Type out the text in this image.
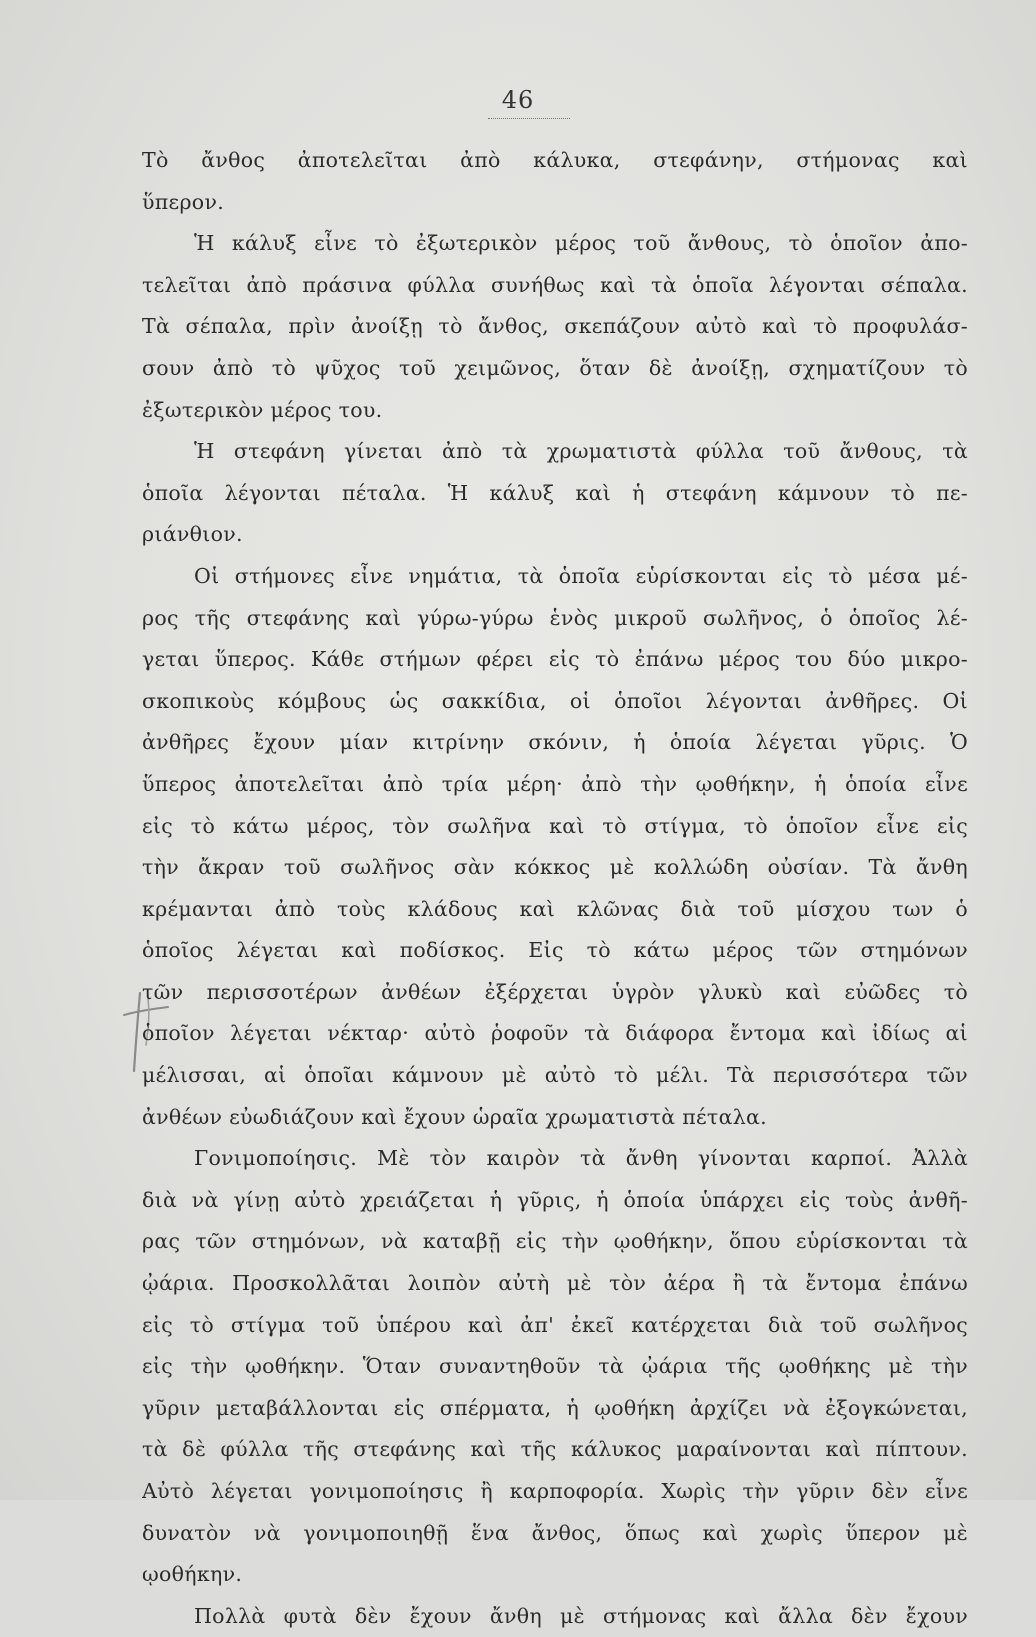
46
Τὸ ἄνθος ἀποτελεῖται ἀπὸ κάλυκα, στεφάνην, στήμονας καὶ
ὕπερον.
Ἡ κάλυξ εἶνε τὸ ἐξωτερικὸν μέρος τοῦ ἄνθους, τὸ ὁποῖον ἀπο-
τελεῖται ἀπὸ πράσινα φύλλα συνήθως καὶ τὰ ὁποῖα λέγονται σέπαλα.
Τὰ σέπαλα, πρὶν ἀνοίξῃ τὸ ἄνθος, σκεπάζουν αὐτὸ καὶ τὸ προφυλάσ-
σουν ἀπὸ τὸ ψῦχος τοῦ χειμῶνος, ὅταν δὲ ἀνοίξῃ, σχηματίζουν τὸ
ἐξωτερικὸν μέρος του.
Ἡ στεφάνη γίνεται ἀπὸ τὰ χρωματιστὰ φύλλα τοῦ ἄνθους, τὰ
ὁποῖα λέγονται πέταλα. Ἡ κάλυξ καὶ ἡ στεφάνη κάμνουν τὸ πε-
ριάνθιον.
Οἱ στήμονες εἶνε νημάτια, τὰ ὁποῖα εὑρίσκονται εἰς τὸ μέσα μέ-
ρος τῆς στεφάνης καὶ γύρω-γύρω ἑνὸς μικροῦ σωλῆνος, ὁ ὁποῖος λέ-
γεται ὕπερος. Κάθε στήμων φέρει εἰς τὸ ἐπάνω μέρος του δύο μικρο-
σκοπικοὺς κόμβους ὡς σακκίδια, οἱ ὁποῖοι λέγονται ἀνθῆρες. Οἱ
ἀνθῆρες ἔχουν μίαν κιτρίνην σκόνιν, ἡ ὁποία λέγεται γῦρις. Ὁ
ὕπερος ἀποτελεῖται ἀπὸ τρία μέρη· ἀπὸ τὴν ῳοθήκην, ἡ ὁποία εἶνε
εἰς τὸ κάτω μέρος, τὸν σωλῆνα καὶ τὸ στίγμα, τὸ ὁποῖον εἶνε εἰς
τὴν ἄκραν τοῦ σωλῆνος σὰν κόκκος μὲ κολλώδη οὐσίαν. Τὰ ἄνθη
κρέμανται ἀπὸ τοὺς κλάδους καὶ κλῶνας διὰ τοῦ μίσχου των ὁ
ὁποῖος λέγεται καὶ ποδίσκος. Εἰς τὸ κάτω μέρος τῶν στημόνων
τῶν περισσοτέρων ἀνθέων ἐξέρχεται ὑγρὸν γλυκὺ καὶ εὐῶδες τὸ
ὁποῖον λέγεται νέκταρ· αὐτὸ ῥοφοῦν τὰ διάφορα ἔντομα καὶ ἰδίως αἱ
μέλισσαι, αἱ ὁποῖαι κάμνουν μὲ αὐτὸ τὸ μέλι. Τὰ περισσότερα τῶν
ἀνθέων εὐωδιάζουν καὶ ἔχουν ὡραῖα χρωματιστὰ πέταλα.
Γονιμοποίησις. Μὲ τὸν καιρὸν τὰ ἄνθη γίνονται καρποί. Ἀλλὰ
διὰ νὰ γίνῃ αὐτὸ χρειάζεται ἡ γῦρις, ἡ ὁποία ὑπάρχει εἰς τοὺς ἀνθῆ-
ρας τῶν στημόνων, νὰ καταβῇ εἰς τὴν ῳοθήκην, ὅπου εὑρίσκονται τὰ
ᾠάρια. Προσκολλᾶται λοιπὸν αὐτὴ μὲ τὸν ἀέρα ἢ τὰ ἔντομα ἐπάνω
εἰς τὸ στίγμα τοῦ ὑπέρου καὶ ἀπ' ἐκεῖ κατέρχεται διὰ τοῦ σωλῆνος
εἰς τὴν ῳοθήκην. Ὅταν συναντηθοῦν τὰ ᾠάρια τῆς ῳοθήκης μὲ τὴν
γῦριν μεταβάλλονται εἰς σπέρματα, ἡ ῳοθήκη ἀρχίζει νὰ ἐξογκώνεται,
τὰ δὲ φύλλα τῆς στεφάνης καὶ τῆς κάλυκος μαραίνονται καὶ πίπτουν.
Αὐτὸ λέγεται γονιμοποίησις ἢ καρποφορία. Χωρὶς τὴν γῦριν δὲν εἶνε
δυνατὸν νὰ γονιμοποιηθῇ ἕνα ἄνθος, ὅπως καὶ χωρὶς ὕπερον μὲ
ῳοθήκην.
Πολλὰ φυτὰ δὲν ἔχουν ἄνθη μὲ στήμονας καὶ ἄλλα δὲν ἔχουν
